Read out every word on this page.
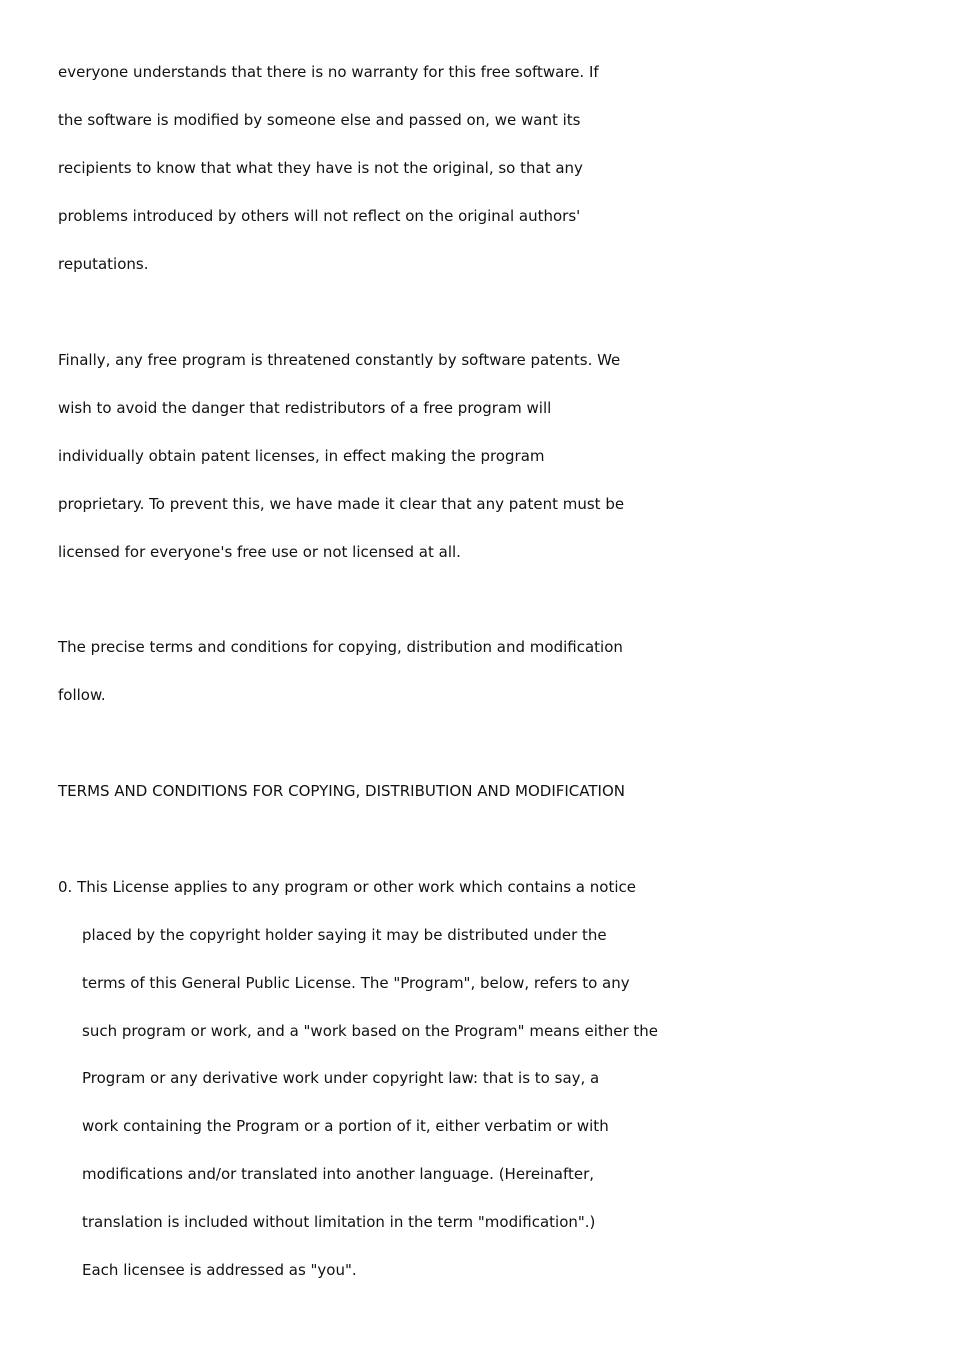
everyone understands that there is no warranty for this free software. If
the software is modified by someone else and passed on, we want its
recipients to know that what they have is not the original, so that any
problems introduced by others will not reflect on the original authors'
reputations.
Finally, any free program is threatened constantly by software patents. We
wish to avoid the danger that redistributors of a free program will
individually obtain patent licenses, in effect making the program
proprietary. To prevent this, we have made it clear that any patent must be
licensed for everyone's free use or not licensed at all.
The precise terms and conditions for copying, distribution and modification
follow.
TERMS AND CONDITIONS FOR COPYING, DISTRIBUTION AND MODIFICATION
0. This License applies to any program or other work which contains a notice
placed by the copyright holder saying it may be distributed under the
terms of this General Public License. The "Program", below, refers to any
such program or work, and a "work based on the Program" means either the
Program or any derivative work under copyright law: that is to say, a
work containing the Program or a portion of it, either verbatim or with
modifications and/or translated into another language. (Hereinafter,
translation is included without limitation in the term "modification".)
Each licensee is addressed as "you".
